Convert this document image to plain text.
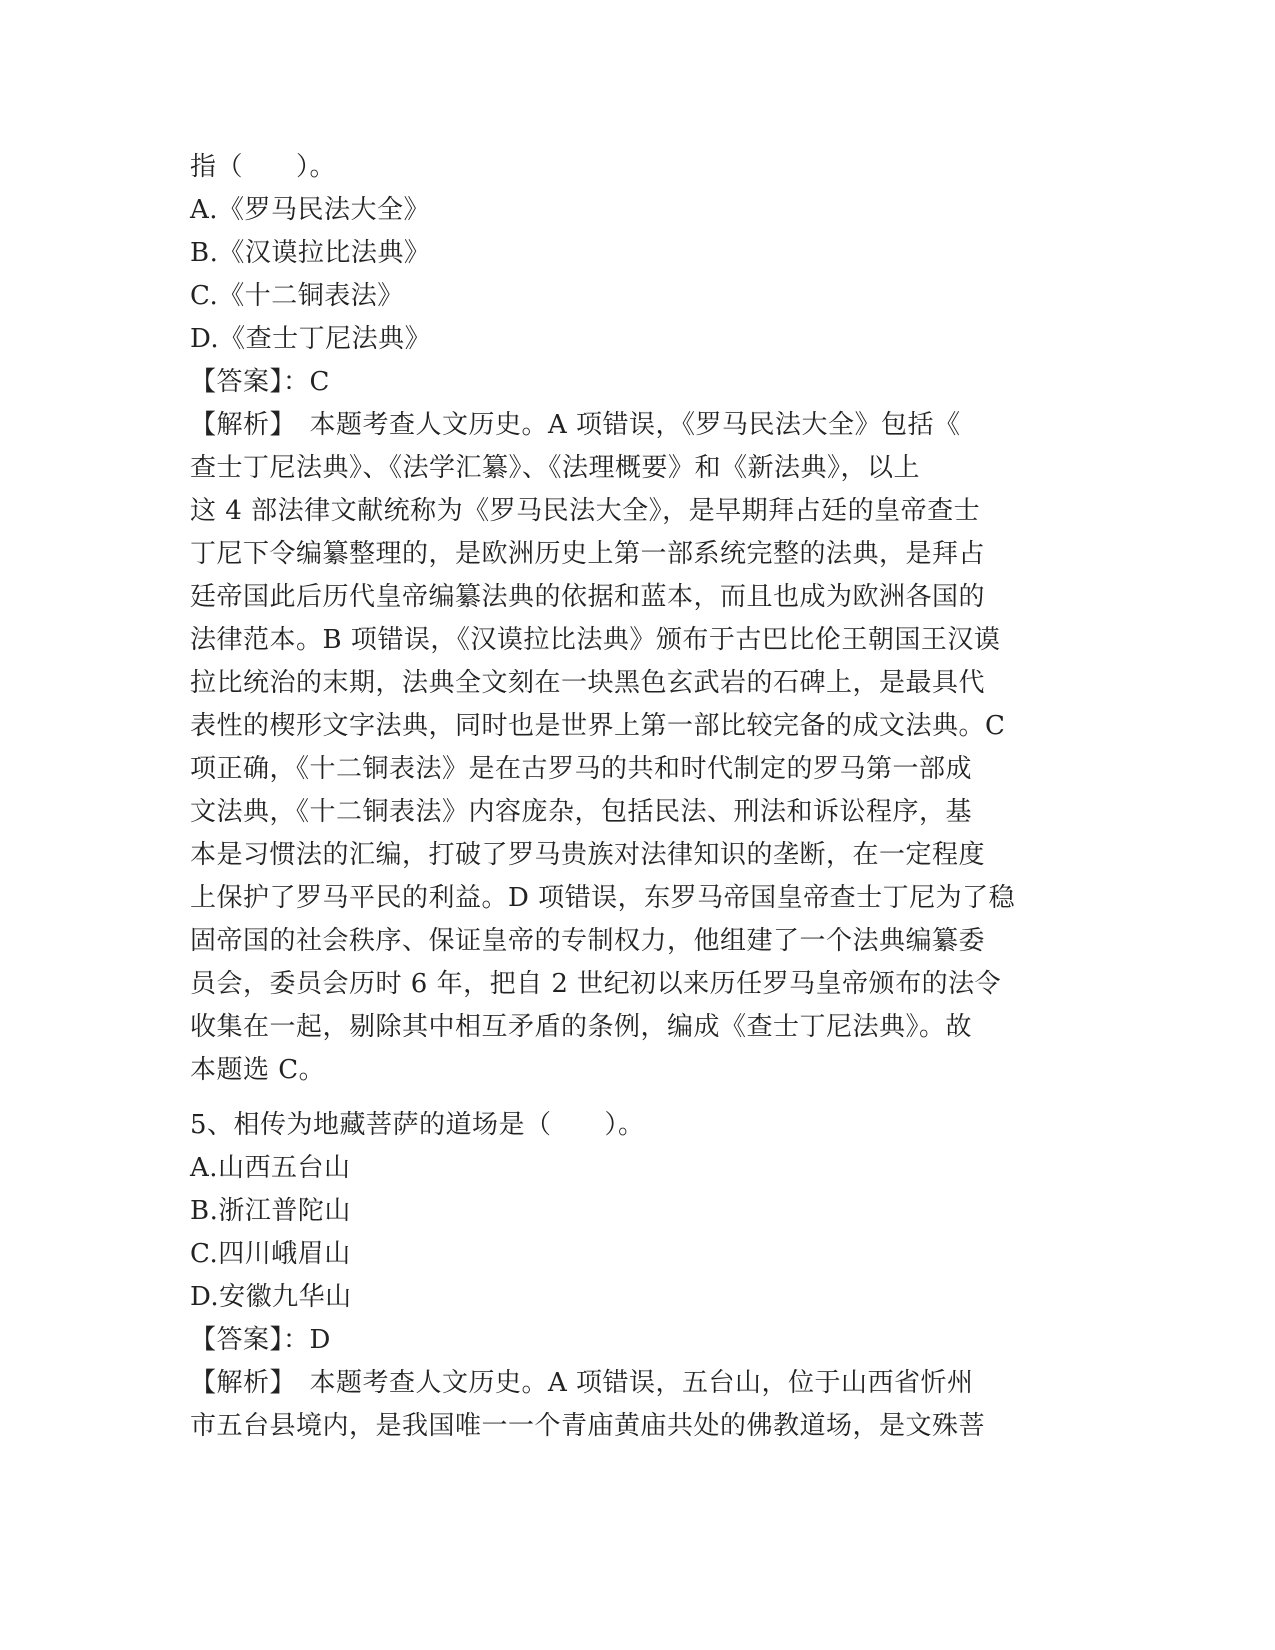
指（　　）。

A.《罗马民法大全》

B.《汉谟拉比法典》

C.《十二铜表法》

D.《查士丁尼法典》

【答案】：C

【解析】　本题考查人文历史。A 项错误，《罗马民法大全》包括《

查士丁尼法典》、《法学汇纂》、《法理概要》和《新法典》，以上

这 4 部法律文献统称为《罗马民法大全》，是早期拜占廷的皇帝查士

丁尼下令编纂整理的，是欧洲历史上第一部系统完整的法典，是拜占

廷帝国此后历代皇帝编纂法典的依据和蓝本，而且也成为欧洲各国的

法律范本。B 项错误，《汉谟拉比法典》颁布于古巴比伦王朝国王汉谟

拉比统治的末期，法典全文刻在一块黑色玄武岩的石碑上，是最具代

表性的楔形文字法典，同时也是世界上第一部比较完备的成文法典。C

项正确，《十二铜表法》是在古罗马的共和时代制定的罗马第一部成

文法典，《十二铜表法》内容庞杂，包括民法、刑法和诉讼程序，基

本是习惯法的汇编，打破了罗马贵族对法律知识的垄断，在一定程度

上保护了罗马平民的利益。D 项错误，东罗马帝国皇帝查士丁尼为了稳

固帝国的社会秩序、保证皇帝的专制权力，他组建了一个法典编纂委

员会，委员会历时 6 年，把自 2 世纪初以来历任罗马皇帝颁布的法令

收集在一起，剔除其中相互矛盾的条例，编成《查士丁尼法典》。故

本题选 C。

5、相传为地藏菩萨的道场是（　　）。

A.山西五台山

B.浙江普陀山

C.四川峨眉山

D.安徽九华山

【答案】：D

【解析】　本题考查人文历史。A 项错误，五台山，位于山西省忻州

市五台县境内，是我国唯一一个青庙黄庙共处的佛教道场，是文殊菩
